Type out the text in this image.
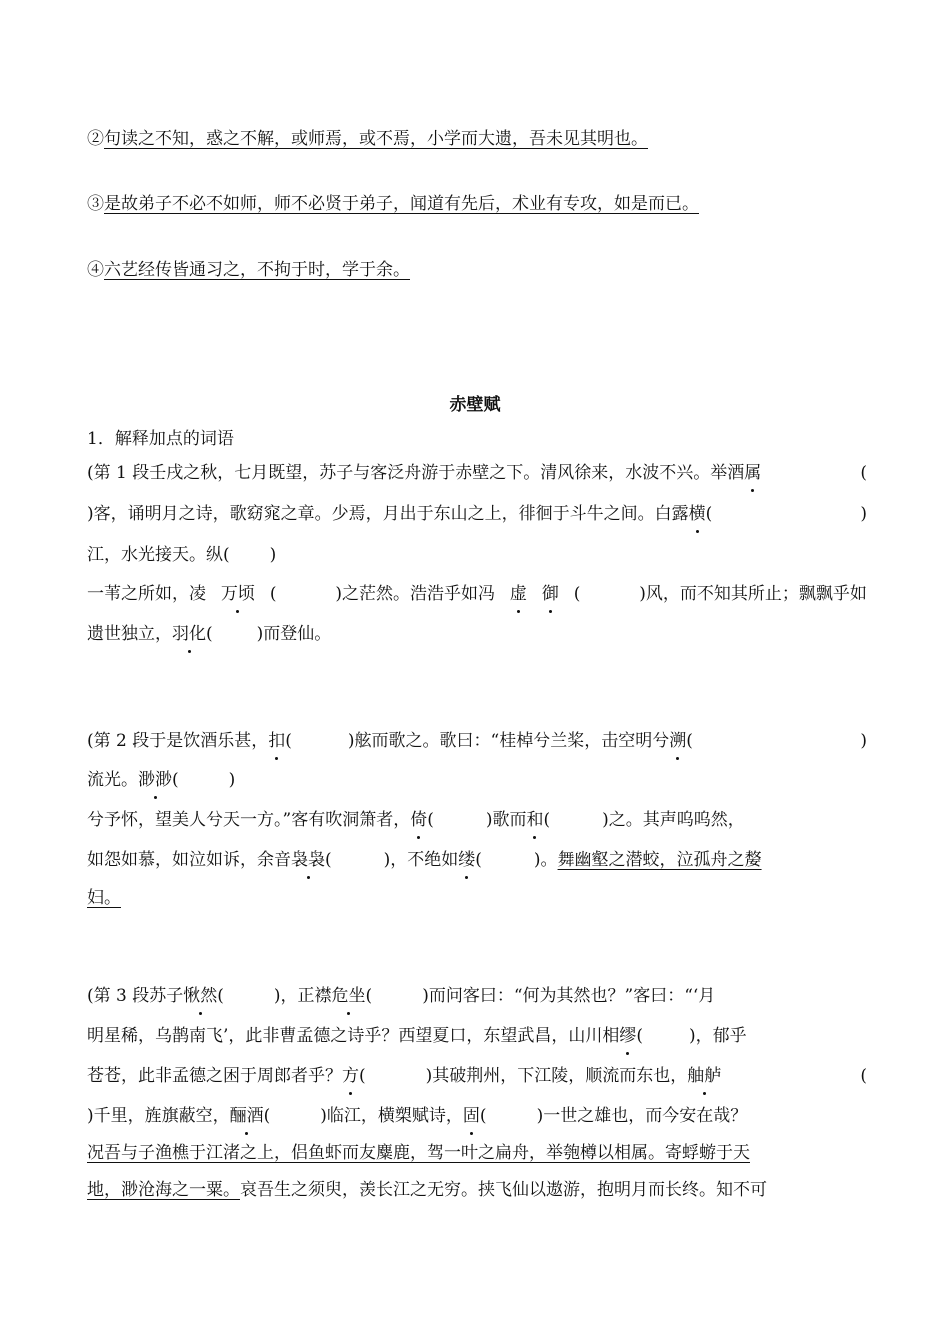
②句读之不知，惑之不解，或师焉，或不焉，小学而大遗，吾未见其明也。
③是故弟子不必不如师，师不必贤于弟子，闻道有先后，术业有专攻，如是而已。
④六艺经传皆通习之，不拘于时，学于余。
赤壁赋
1．解释加点的词语
(第 1 段壬戌之秋，七月既望，苏子与客泛舟游于赤壁之下。清风徐来，水波不兴。举酒属	(
)客，诵明月之诗，歌窈窕之章。少焉，月出于东山之上，徘徊于斗牛之间。白露横(	)
江，水光接天。纵( )
一苇之所如，凌 万顷 (	)之茫然。浩浩乎如冯 虚 御 (	)风，而不知其所止；飘飘乎如
遗世独立，羽化(	)而登仙。
(第 2 段于是饮酒乐甚，扣(	)舷而歌之。歌曰：“桂棹兮兰桨，击空明兮溯(	)
流光。渺渺(	)
兮予怀，望美人兮天一方。”客有吹洞箫者，倚(	)歌而和(	)之。其声呜呜然，
如怨如慕，如泣如诉，余音袅袅(	)，不绝如缕(	)。舞幽壑之潜蛟，泣孤舟之嫠
妇。
(第 3 段苏子愀然(	)，正襟危坐(	)而问客曰：“何为其然也？”客曰：“‘月
明星稀，乌鹊南飞’，此非曹孟德之诗乎？西望夏口，东望武昌，山川相缪(	)，郁乎
苍苍，此非孟德之困于周郎者乎？方(	)其破荆州，下江陵，顺流而东也，舳舻	(
)千里，旌旗蔽空，酾酒(	)临江，横槊赋诗，固(	)一世之雄也，而今安在哉？
况吾与子渔樵于江渚之上，侣鱼虾而友麋鹿，驾一叶之扁舟，举匏樽以相属。寄蜉蝣于天
地，渺沧海之一粟。哀吾生之须臾，羡长江之无穷。挟飞仙以遨游，抱明月而长终。知不可
